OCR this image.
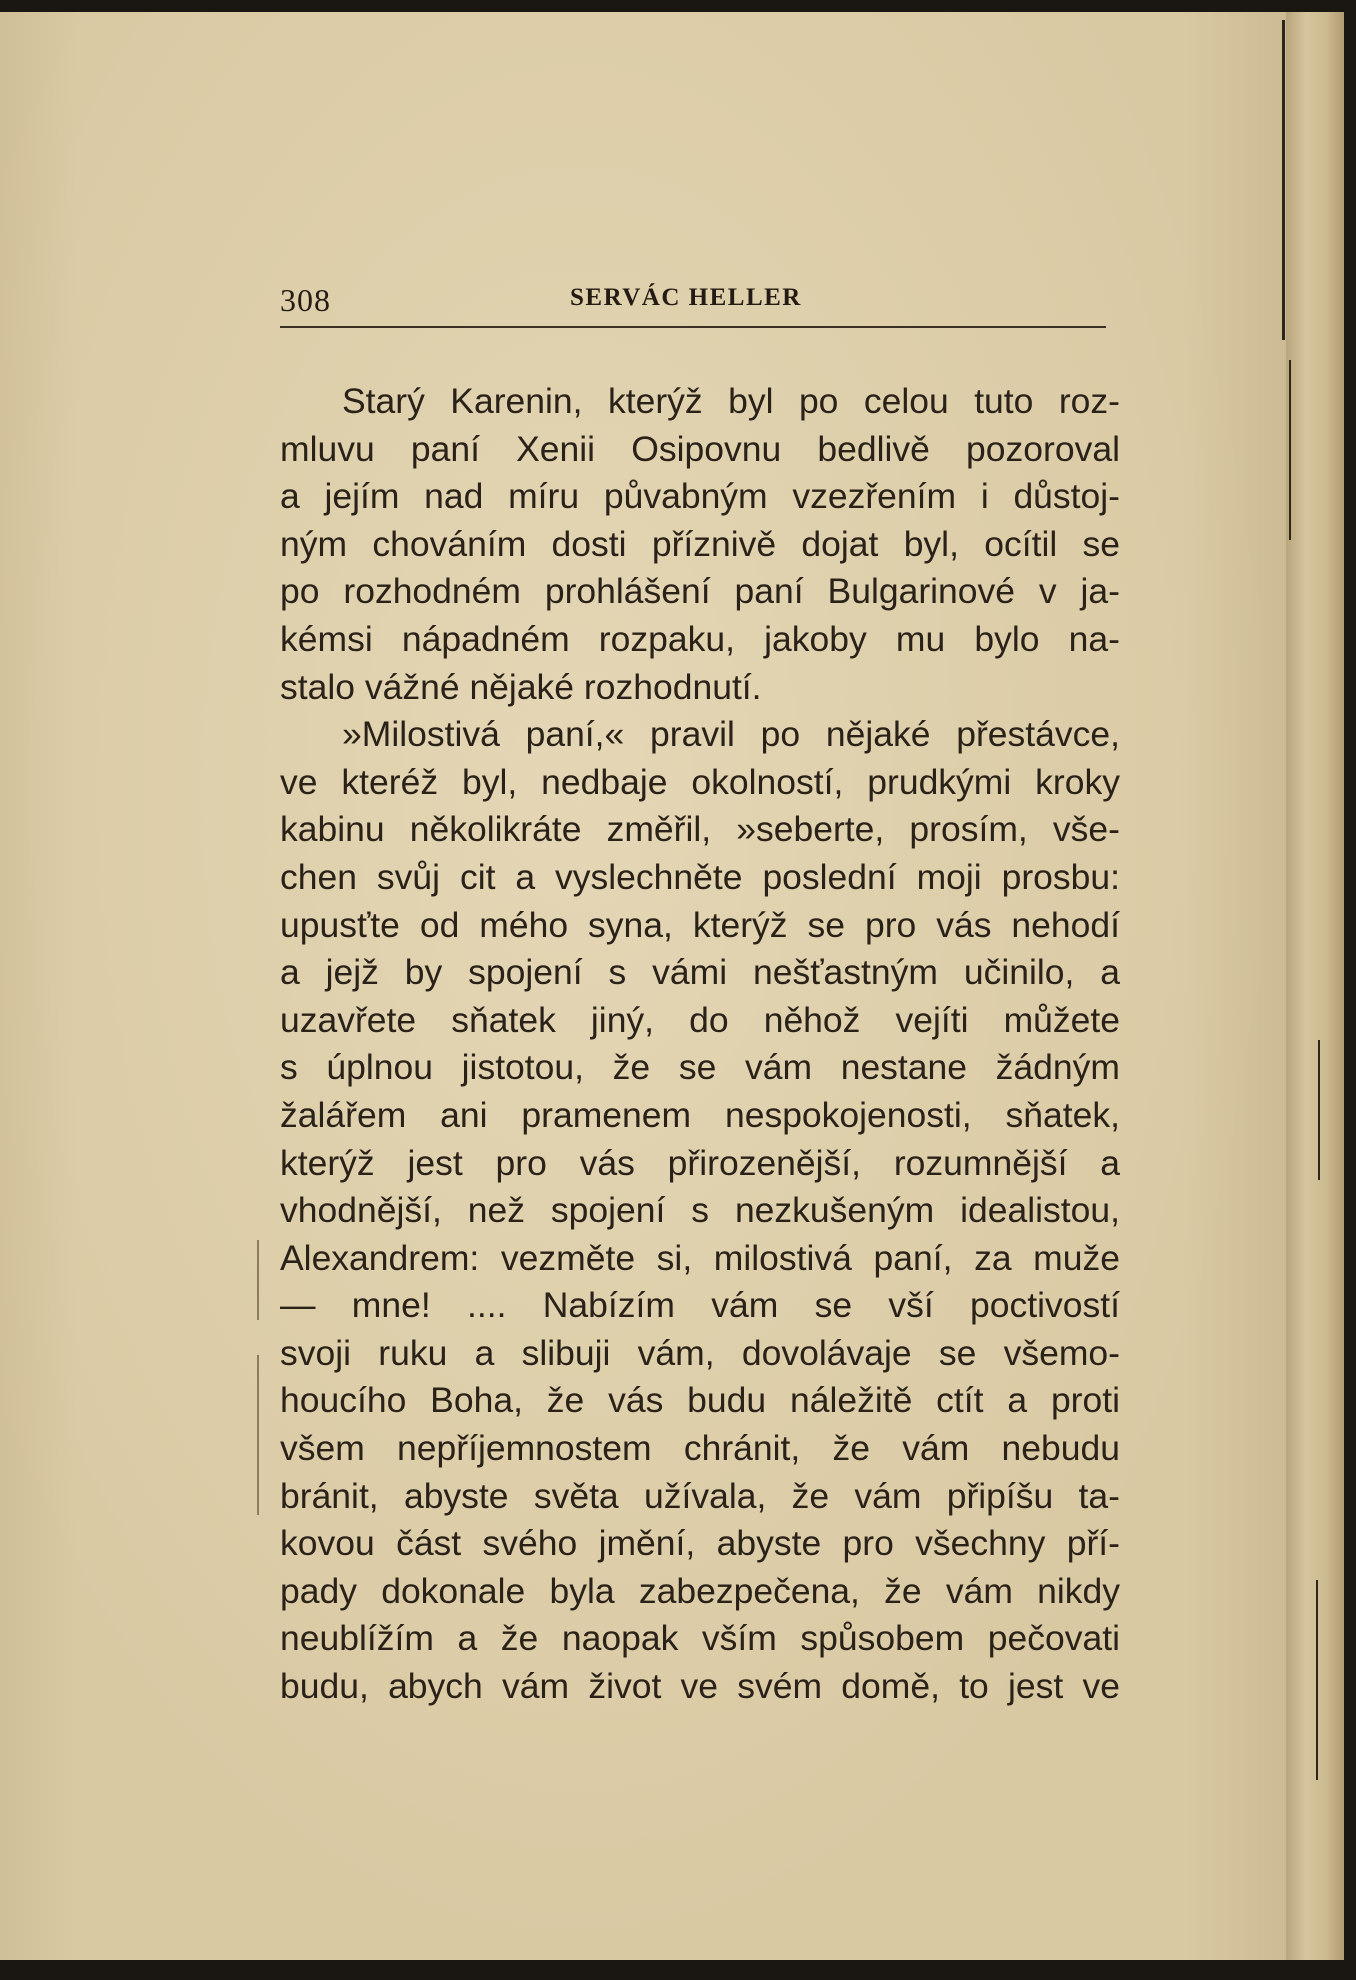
308	SERVÁC HELLER
Starý Karenin, kterýž byl po celou tuto roz-
mluvu paní Xenii Osipovnu bedlivě pozoroval
a jejím nad míru půvabným vzezřením i důstoj-
ným chováním dosti příznivě dojat byl, ocítil se
po rozhodném prohlášení paní Bulgarinové v ja-
kémsi nápadném rozpaku, jakoby mu bylo na-
stalo vážné nějaké rozhodnutí.
»Milostivá paní,« pravil po nějaké přestávce,
ve kteréž byl, nedbaje okolností, prudkými kroky
kabinu několikráte změřil, »seberte, prosím, vše-
chen svůj cit a vyslechněte poslední moji prosbu:
upusťte od mého syna, kterýž se pro vás nehodí
a jejž by spojení s vámi nešťastným učinilo, a
uzavřete sňatek jiný, do něhož vejíti můžete
s úplnou jistotou, že se vám nestane žádným
žalářem ani pramenem nespokojenosti, sňatek,
kterýž jest pro vás přirozenější, rozumnější a
vhodnější, než spojení s nezkušeným idealistou,
Alexandrem: vezměte si, milostivá paní, za muže
— mne! .... Nabízím vám se vší poctivostí
svoji ruku a slibuji vám, dovolávaje se všemo-
houcího Boha, že vás budu náležitě ctít a proti
všem nepříjemnostem chránit, že vám nebudu
bránit, abyste světa užívala, že vám připíšu ta-
kovou část svého jmění, abyste pro všechny pří-
pady dokonale byla zabezpečena, že vám nikdy
neublížím a že naopak vším spůsobem pečovati
budu, abych vám život ve svém domě, to jest ve
